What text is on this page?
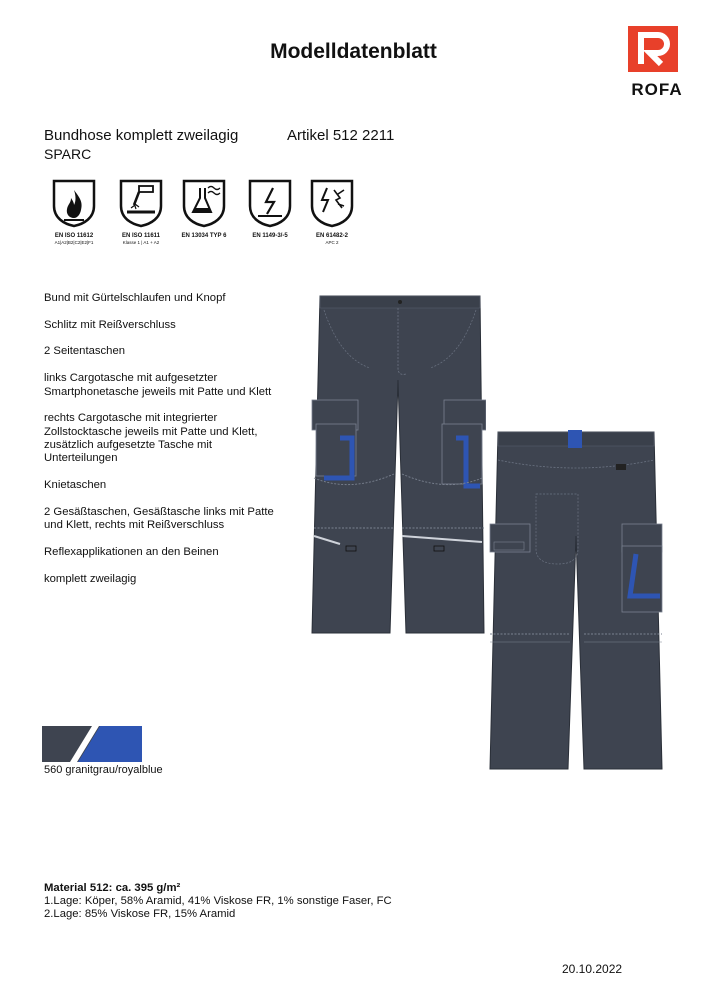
Modelldatenblatt
ROFA
Bundhose komplett zweilagig	Artikel 512 2211
SPARC
EN ISO 11612
A1|A2|B2|C2|E2|F1
EN ISO 11611
Klasse 1 | A1 + A2
EN 13034 TYP 6	EN 1149-3/-5	EN 61482-2
APC 2
Bund mit Gürtelschlaufen und Knopf
Schlitz mit Reißverschluss
2 Seitentaschen
links Cargotasche mit aufgesetzter Smartphonetasche jeweils mit Patte und Klett
rechts Cargotasche mit integrierter Zollstocktasche jeweils mit Patte und Klett, zusätzlich aufgesetzte Tasche mit Unterteilungen
Knietaschen
2 Gesäßtaschen, Gesäßtasche links mit Patte und Klett, rechts mit Reißverschluss
Reflexapplikationen an den Beinen
komplett zweilagig
560 granitgrau/royalblue
Material 512: ca. 395 g/m²
1.Lage: Köper, 58% Aramid, 41% Viskose FR, 1% sonstige Faser, FC
2.Lage: 85% Viskose FR, 15% Aramid
20.10.2022
